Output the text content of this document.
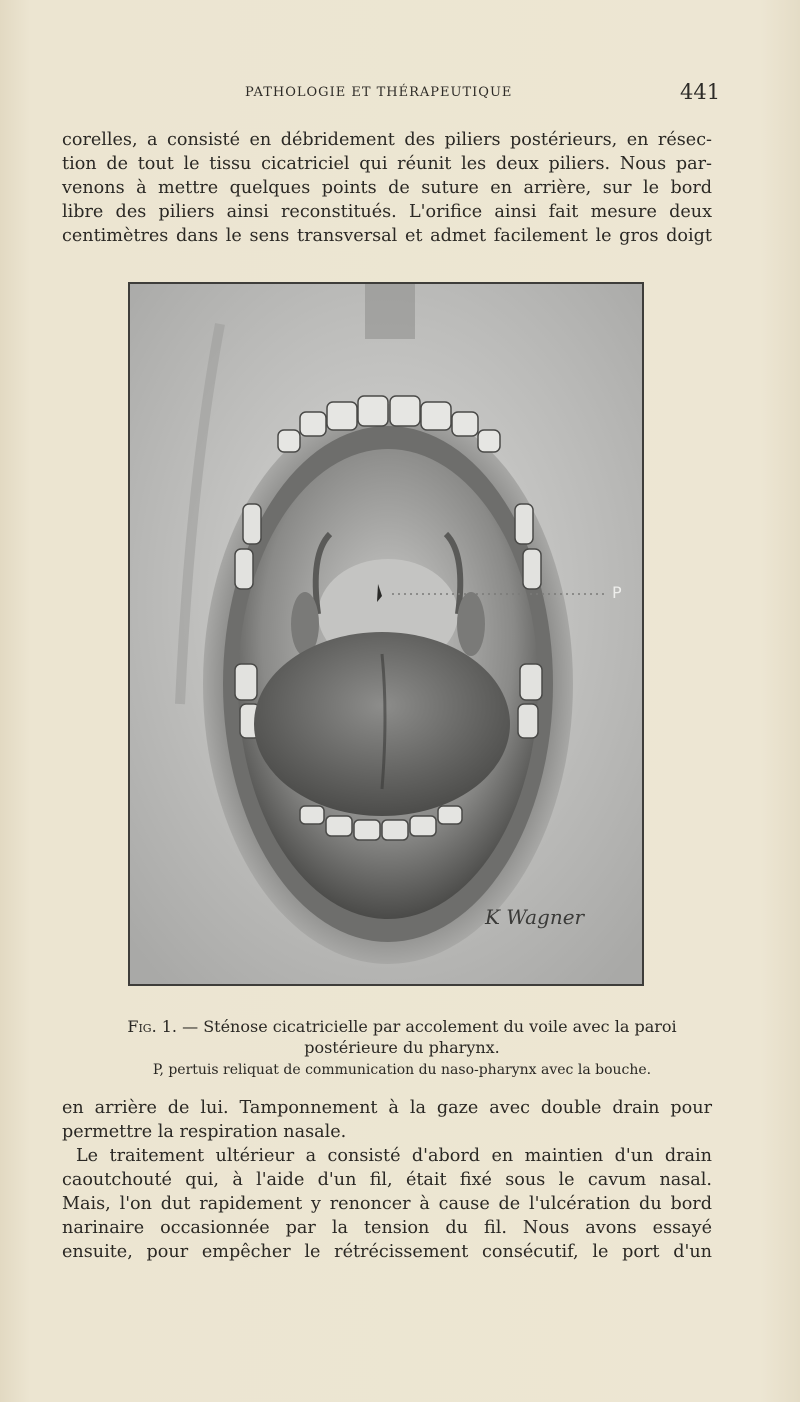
PATHOLOGIE ET THÉRAPEUTIQUE	441
corelles, a consisté en débridement des piliers postérieurs, en résec-
tion de tout le tissu cicatriciel qui réunit les deux piliers. Nous par-
venons à mettre quelques points de suture en arrière, sur le bord
libre des piliers ainsi reconstitués. L'orifice ainsi fait mesure deux
centimètres dans le sens transversal et admet facilement le gros doigt
P
K Wagner
Fig. 1. — Sténose cicatricielle par accolement du voile avec la paroi
postérieure du pharynx.
P, pertuis reliquat de communication du naso-pharynx avec la bouche.
en arrière de lui. Tamponnement à la gaze avec double drain pour
permettre la respiration nasale.
Le traitement ultérieur a consisté d'abord en maintien d'un drain
caoutchouté qui, à l'aide d'un fil, était fixé sous le cavum nasal.
Mais, l'on dut rapidement y renoncer à cause de l'ulcération du bord
narinaire occasionnée par la tension du fil. Nous avons essayé
ensuite, pour empêcher le rétrécissement consécutif, le port d'un
